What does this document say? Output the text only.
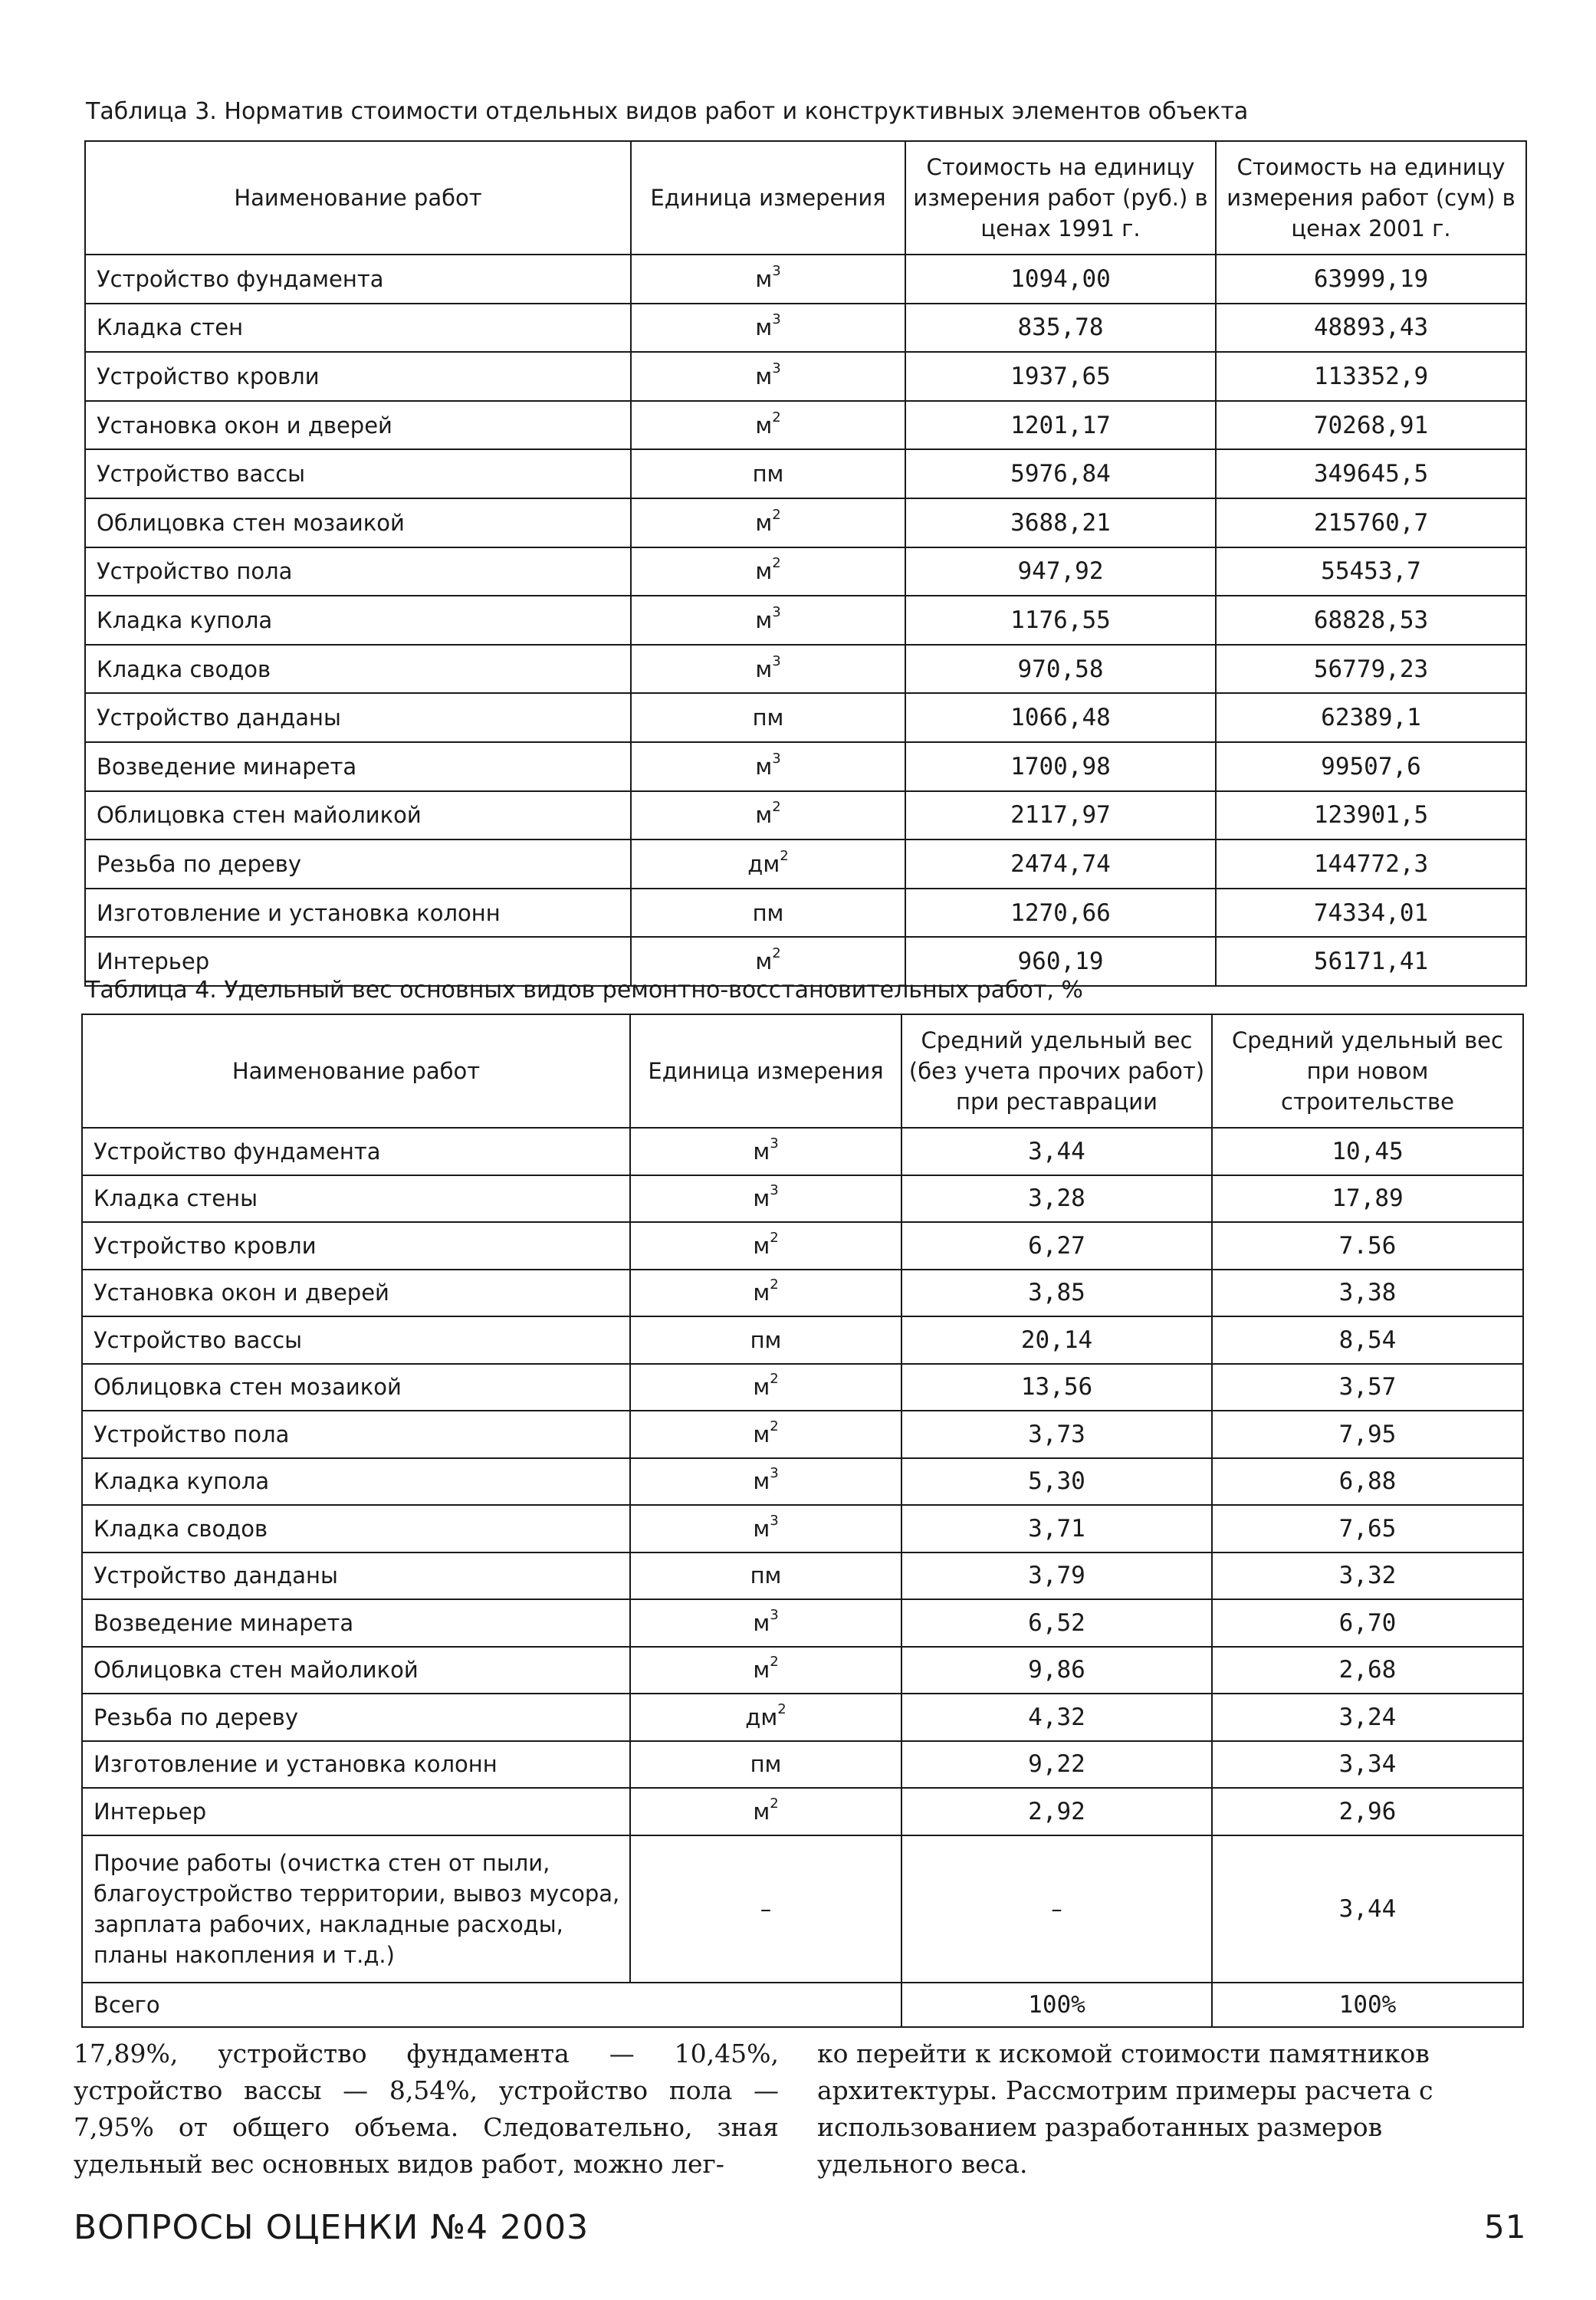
Таблица 3. Норматив стоимости отдельных видов работ и конструктивных элементов объекта
Наименование работ	Единица измерения	Стоимость на единицу измерения работ (руб.) в ценах 1991 г.	Стоимость на единицу измерения работ (сум) в ценах 2001 г.
Устройство фундамента	$м^3$	1094,00	63999,19
Кладка стен	$м^3$	835,78	48893,43
Устройство кровли	$м^3$	1937,65	113352,9
Установка окон и дверей	$м^2$	1201,17	70268,91
Устройство вассы	пм	5976,84	349645,5
Облицовка стен мозаикой	$м^2$	3688,21	215760,7
Устройство пола	$м^2$	947,92	55453,7
Кладка купола	$м^3$	1176,55	68828,53
Кладка сводов	$м^3$	970,58	56779,23
Устройство данданы	пм	1066,48	62389,1
Возведение минарета	$м^3$	1700,98	99507,6
Облицовка стен майоликой	$м^2$	2117,97	123901,5
Резьба по дереву	$дм^2$	2474,74	144772,3
Изготовление и установка колонн	пм	1270,66	74334,01
Интерьер	$м^2$	960,19	56171,41
Таблица 4. Удельный вес основных видов ремонтно-восстановительных работ, %
Наименование работ	Единица измерения	Средний удельный вес (без учета прочих работ) при реставрации	Средний удельный вес при новом строительстве
Устройство фундамента	$м^3$	3,44	10,45
Кладка стены	$м^3$	3,28	17,89
Устройство кровли	$м^2$	6,27	7.56
Установка окон и дверей	$м^2$	3,85	3,38
Устройство вассы	пм	20,14	8,54
Облицовка стен мозаикой	$м^2$	13,56	3,57
Устройство пола	$м^2$	3,73	7,95
Кладка купола	$м^3$	5,30	6,88
Кладка сводов	$м^3$	3,71	7,65
Устройство данданы	пм	3,79	3,32
Возведение минарета	$м^3$	6,52	6,70
Облицовка стен майоликой	$м^2$	9,86	2,68
Резьба по дереву	$дм^2$	4,32	3,24
Изготовление и установка колонн	пм	9,22	3,34
Интерьер	$м^2$	2,92	2,96
Прочие работы (очистка стен от пыли, благоустройство территории, вывоз мусора, зарплата рабочих, накладные расходы, планы накопления и т.д.)	–	–	3,44
Всего		100%	100%
17,89%, устройство фундамента — 10,45%, устройство вассы — 8,54%, устройство пола — 7,95% от общего объема. Следовательно, зная удельный вес основных видов работ, можно лег-
ко перейти к искомой стоимости памятников архитектуры. Рассмотрим примеры расчета с использованием разработанных размеров удельного веса.
ВОПРОСЫ ОЦЕНКИ №4 2003	51
